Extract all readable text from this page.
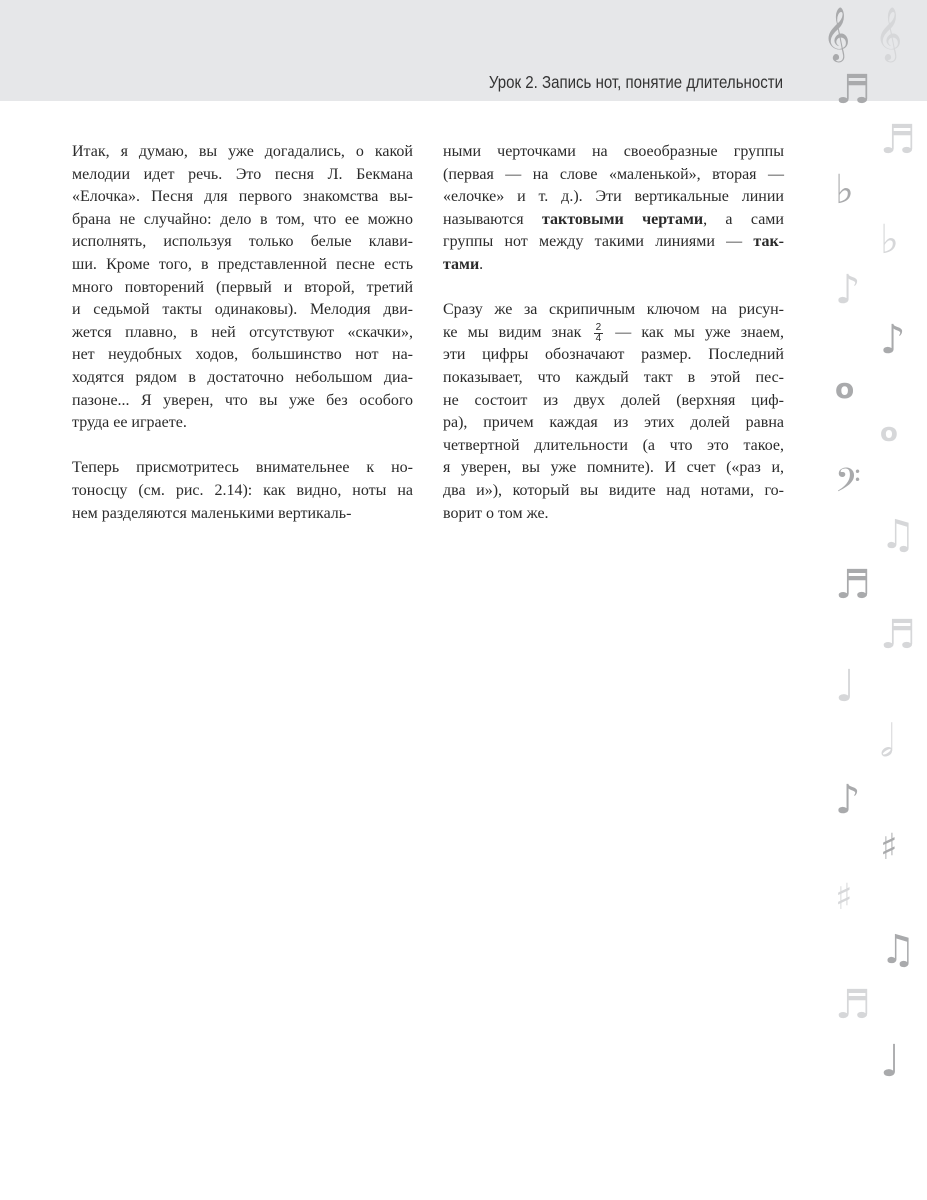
Урок 2. Запись нот, понятие длительности
Итак, я думаю, вы уже догадались, о какой
мелодии идет речь. Это песня Л. Бекмана
«Елочка». Песня для первого знакомства вы-
брана не случайно: дело в том, что ее можно
исполнять, используя только белые клави-
ши. Кроме того, в представленной песне есть
много повторений (первый и второй, третий
и седьмой такты одинаковы). Мелодия дви-
жется плавно, в ней отсутствуют «скачки»,
нет неудобных ходов, большинство нот на-
ходятся рядом в достаточно небольшом диа-
пазоне... Я уверен, что вы уже без особого
труда ее играете.
Теперь присмотритесь внимательнее к но-
тоносцу (см. рис. 2.14): как видно, ноты на
нем разделяются маленькими вертикаль-
ными черточками на своеобразные группы
(первая — на слове «маленькой», вторая —
«елочке» и т. д.). Эти вертикальные линии
называются тактовыми чертами, а сами
группы нот между такими линиями — так-
тами.
Сразу же за скрипичным ключом на рисун-
ке мы видим знак $\frac{2}{4}$ — как мы уже знаем,
эти цифры обозначают размер. Последний
показывает, что каждый такт в этой пес-
не состоит из двух долей (верхняя циф-
ра), причем каждая из этих долей равна
четвертной длительности (а что это такое,
я уверен, вы уже помните). И счет («раз и,
два и»), который вы видите над нотами, го-
ворит о том же.
𝄞 𝄞
♬
♬
♭
♭
♪
♪
o
o
𝄢
♫
♬
♬
♩
𝅗𝅥
♪
♯
♯
♫
♬
♩
